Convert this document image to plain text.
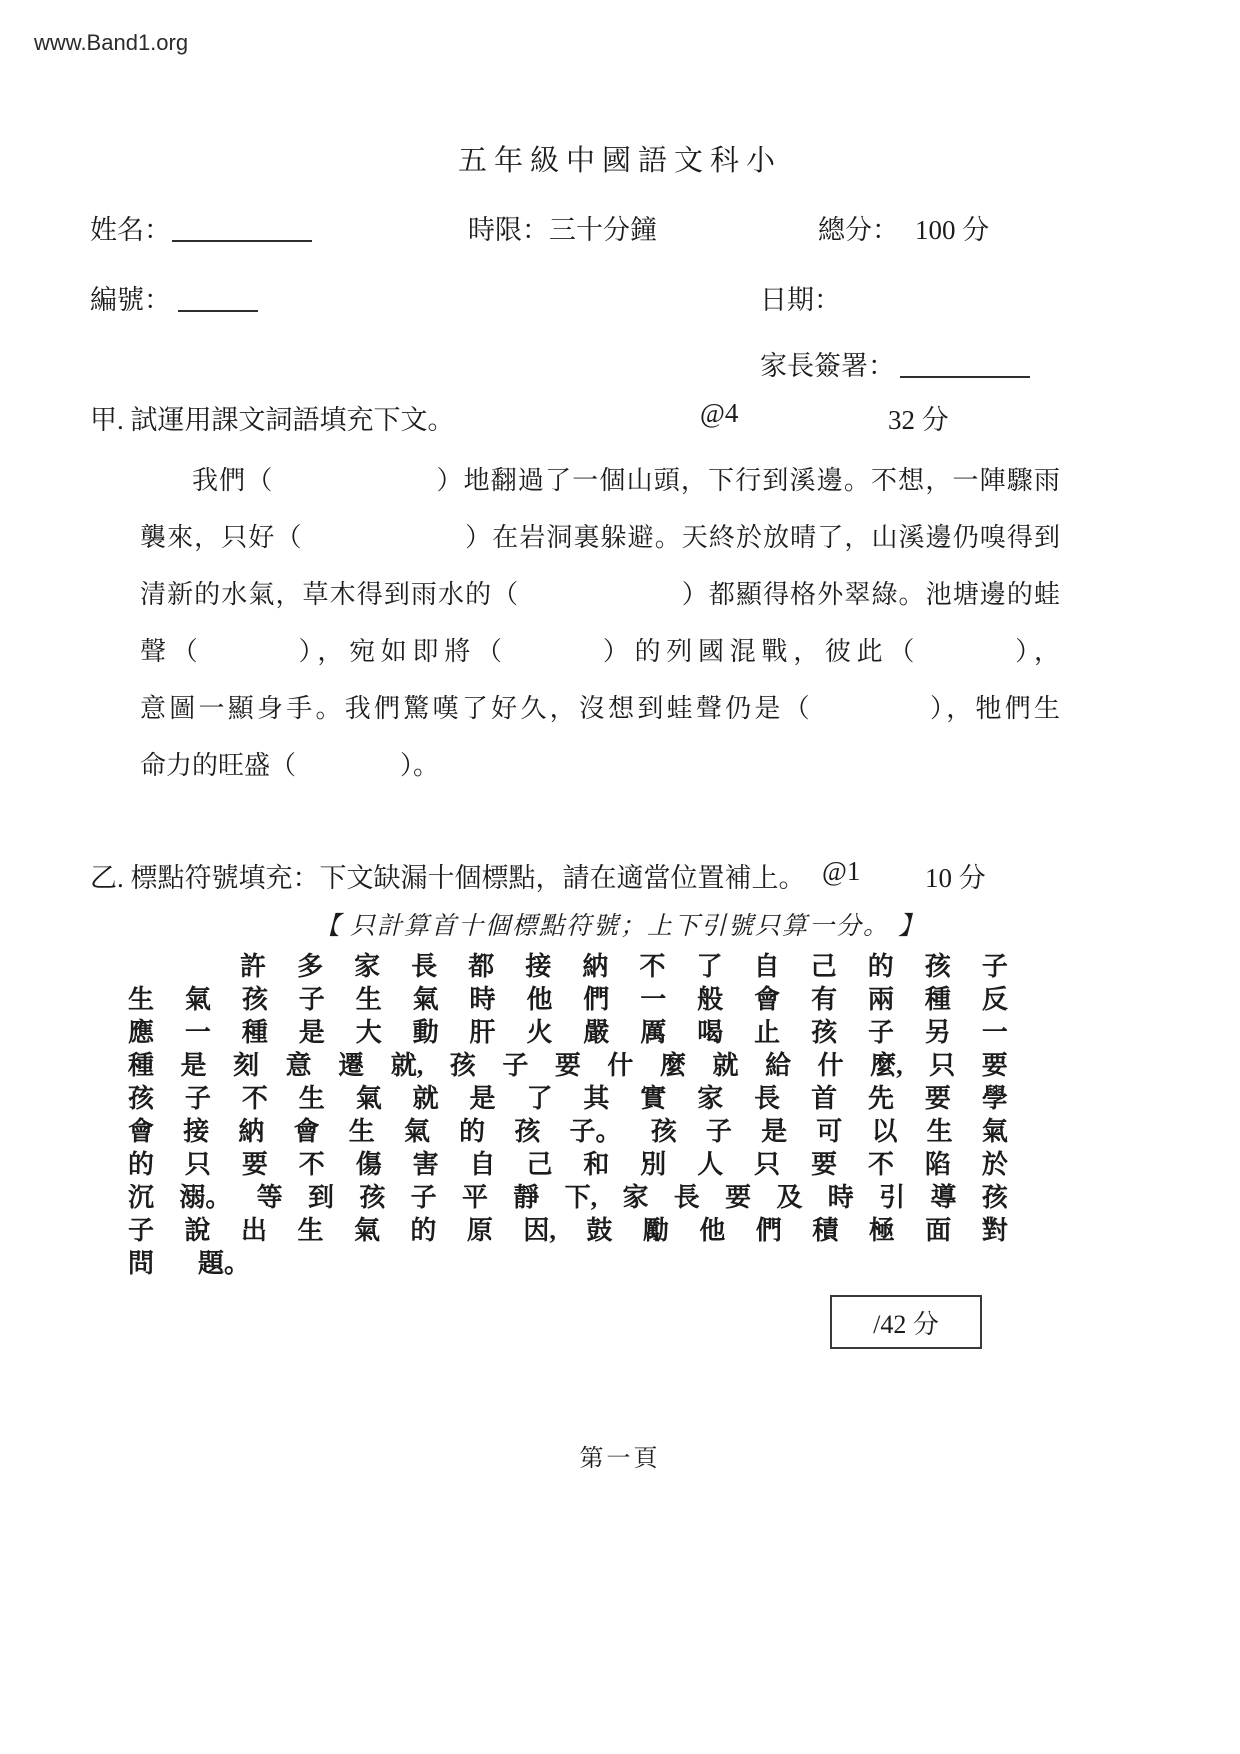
www.Band1.org
五年級中國語文科小
姓名：	時限：三十分鐘	總分： 100 分
編號：	日期：
家長簽署：
甲. 試運用課文詞語填充下文。	@4	32 分
我們（　　　　　　）地翻過了一個山頭，下行到溪邊。不想，一陣驟雨
襲來，只好（　　　　　　）在岩洞裏躲避。天終於放晴了，山溪邊仍嗅得到
清新的水氣，草木得到雨水的（　　　　　　）都顯得格外翠綠。池塘邊的蛙
聲（　　　），宛如即將（　　　）的列國混戰，彼此（　　　），
意圖一顯身手。我們驚嘆了好久，沒想到蛙聲仍是（　　　　），牠們生
命力的旺盛（　　　　）。
乙. 標點符號填充：下文缺漏十個標點，請在適當位置補上。 @1 10 分
【 只計算首十個標點符號；上下引號只算一分。 】
許 多 家 長 都 接 納 不 了 自 己 的 孩 子
生 氣 孩 子 生 氣 時 他 們 一 般 會 有 兩 種 反
應 一 種 是 大 動 肝 火 嚴 厲 喝 止 孩 子 另 一
種 是 刻 意 遷 就, 孩 子 要 什 麼 就 給 什 麼, 只 要
孩 子 不 生 氣 就 是 了 其 實 家 長 首 先 要 學
會 接 納 會 生 氣 的 孩 子。 孩 子 是 可 以 生 氣
的 只 要 不 傷 害 自 己 和 別 人 只 要 不 陷 於
沉 溺。 等 到 孩 子 平 靜 下, 家 長 要 及 時 引 導 孩
子 說 出 生 氣 的 原 因, 鼓 勵 他 們 積 極 面 對
問 題。
/42 分
第一頁
